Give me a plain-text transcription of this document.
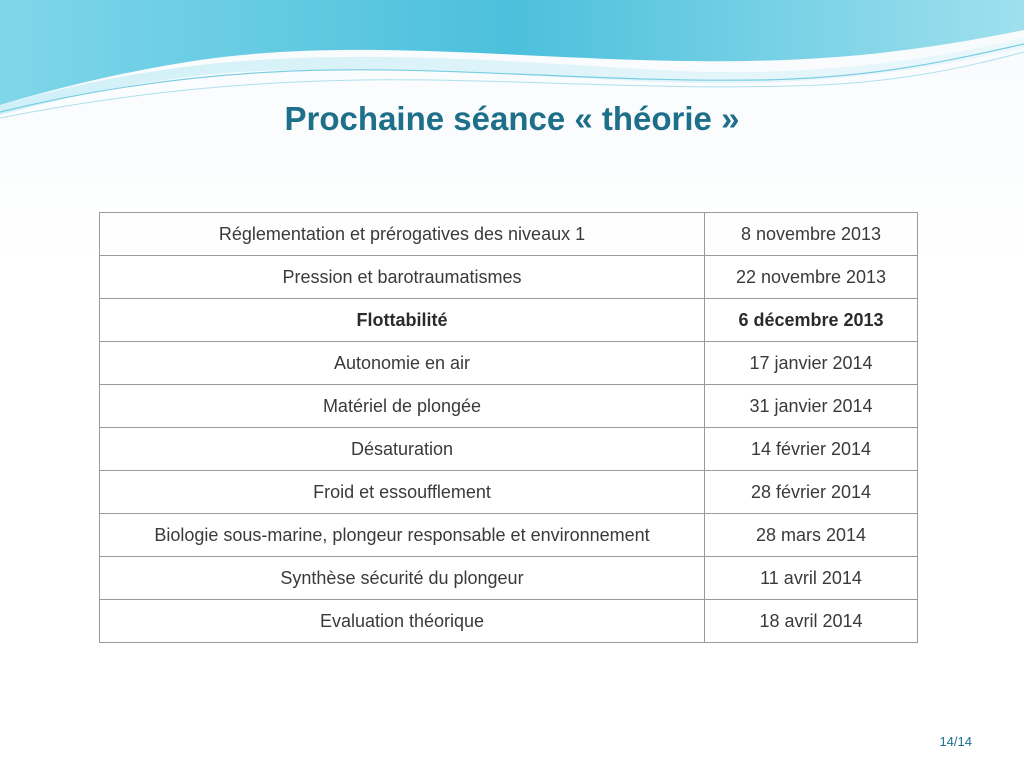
Prochaine séance « théorie »
Réglementation et prérogatives des niveaux 1	8 novembre 2013
Pression et barotraumatismes	22 novembre 2013
Flottabilité	6 décembre 2013
Autonomie en air	17 janvier 2014
Matériel de plongée	31 janvier 2014
Désaturation	14 février 2014
Froid et essoufflement	28 février 2014
Biologie sous-marine, plongeur responsable et environnement	28 mars 2014
Synthèse sécurité du plongeur	11 avril 2014
Evaluation théorique	18 avril 2014
14/14
